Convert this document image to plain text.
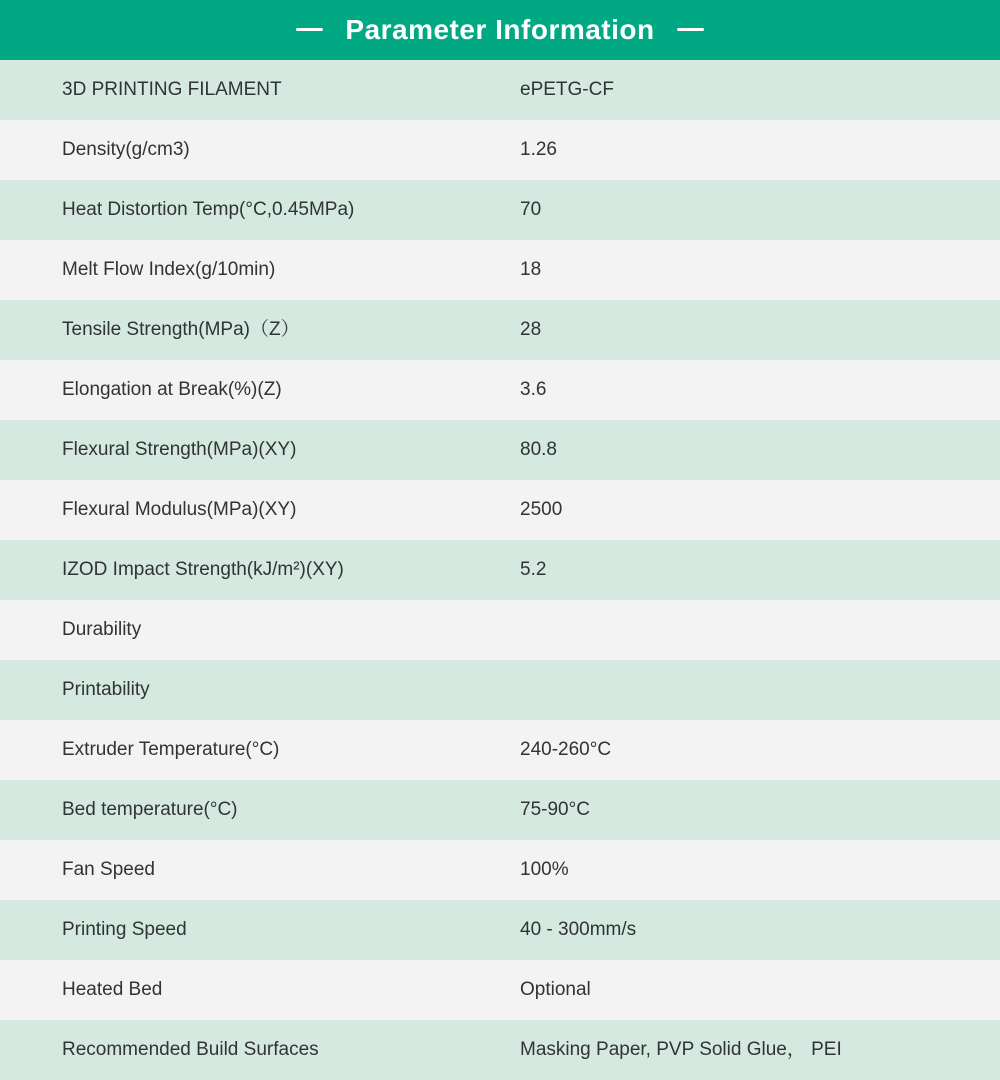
Parameter Information
3D PRINTING FILAMENT	ePETG-CF
Density(g/cm3)	1.26
Heat Distortion Temp(°C,0.45MPa)	70
Melt Flow Index(g/10min)	18
Tensile Strength(MPa)（Z）	28
Elongation at Break(%)(Z)	3.6
Flexural Strength(MPa)(XY)	80.8
Flexural Modulus(MPa)(XY)	2500
IZOD Impact Strength(kJ/m²)(XY)	5.2
Durability
Printability
Extruder Temperature(°C)	240-260°C
Bed temperature(°C)	75-90°C
Fan Speed	100%
Printing Speed	40 - 300mm/s
Heated Bed	Optional
Recommended Build Surfaces	Masking Paper, PVP Solid Glue， PEI
